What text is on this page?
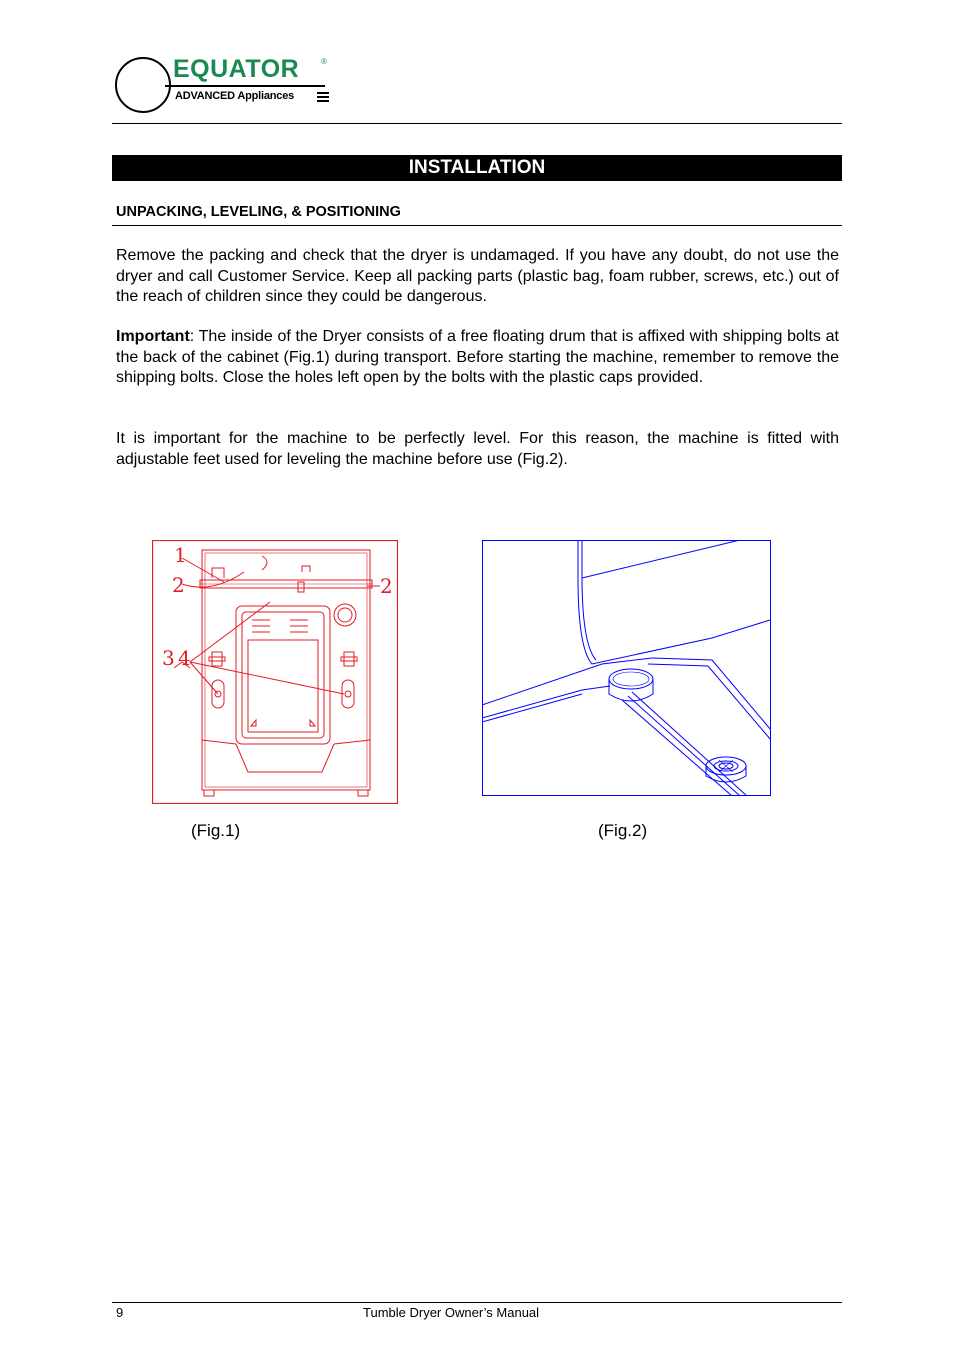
EQUATOR	®
ADVANCED Appliances
INSTALLATION
UNPACKING, LEVELING, & POSITIONING

Remove the packing and check that the dryer is undamaged. If you have any doubt, do not use the dryer and call Customer Service. Keep all packing parts (plastic bag, foam rubber, screws, etc.) out of the reach of children since they could be dangerous.

Important: The inside of the Dryer consists of a free floating drum that is affixed with shipping bolts at the back of the cabinet (Fig.1) during transport. Before starting the machine, remember to remove the shipping bolts. Close the holes left open by the bolts with the plastic caps provided.

It is important for the machine to be perfectly level. For this reason, the machine is fitted with adjustable feet used for leveling the machine before use (Fig.2).

1
2	2
3 4
(Fig.1)	(Fig.2)
9	Tumble Dryer Owner’s Manual
